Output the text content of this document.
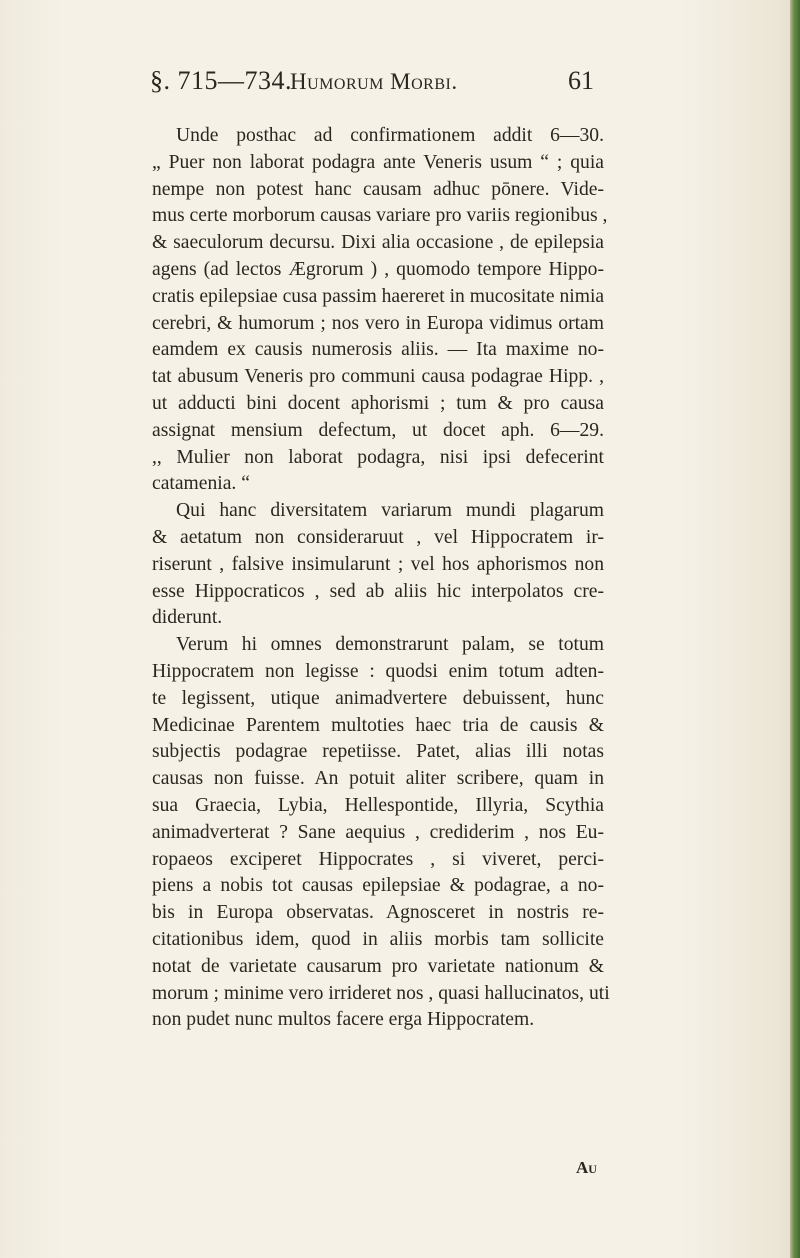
§. 715—734.
Humorum Morbi.	61
Unde posthac ad confirmationem addit 6—30.
„ Puer non laborat podagra ante Veneris usum “ ; quia
nempe non potest hanc causam adhuc pōnere. Vide-
mus certe morborum causas variare pro variis regionibus ,
& saeculorum decursu. Dixi alia occasione , de epilepsia
agens (ad lectos Ægrorum ) , quomodo tempore Hippo-
cratis epilepsiae cusa passim haereret in mucositate nimia
cerebri, & humorum ; nos vero in Europa vidimus ortam
eamdem ex causis numerosis aliis. — Ita maxime no-
tat abusum Veneris pro communi causa podagrae Hipp. ,
ut adducti bini docent aphorismi ; tum & pro causa
assignat mensium defectum, ut docet aph. 6—29.
,, Mulier non laborat podagra, nisi ipsi defecerint
catamenia. “
Qui hanc diversitatem variarum mundi plagarum
& aetatum non consideraruut , vel Hippocratem ir-
riserunt , falsive insimularunt ; vel hos aphorismos non
esse Hippocraticos , sed ab aliis hic interpolatos cre-
diderunt.
Verum hi omnes demonstrarunt palam, se totum
Hippocratem non legisse : quodsi enim totum adten-
te legissent, utique animadvertere debuissent, hunc
Medicinae Parentem multoties haec tria de causis &
subjectis podagrae repetiisse. Patet, alias illi notas
causas non fuisse. An potuit aliter scribere, quam in
sua Graecia, Lybia, Hellespontide, Illyria, Scythia
animadverterat ? Sane aequius , crediderim , nos Eu-
ropaeos exciperet Hippocrates , si viveret, perci-
piens a nobis tot causas epilepsiae & podagrae, a no-
bis in Europa observatas. Agnosceret in nostris re-
citationibus idem, quod in aliis morbis tam sollicite
notat de varietate causarum pro varietate nationum &
morum ; minime vero irrideret nos , quasi hallucinatos, uti
non pudet nunc multos facere erga Hippocratem.
Au
